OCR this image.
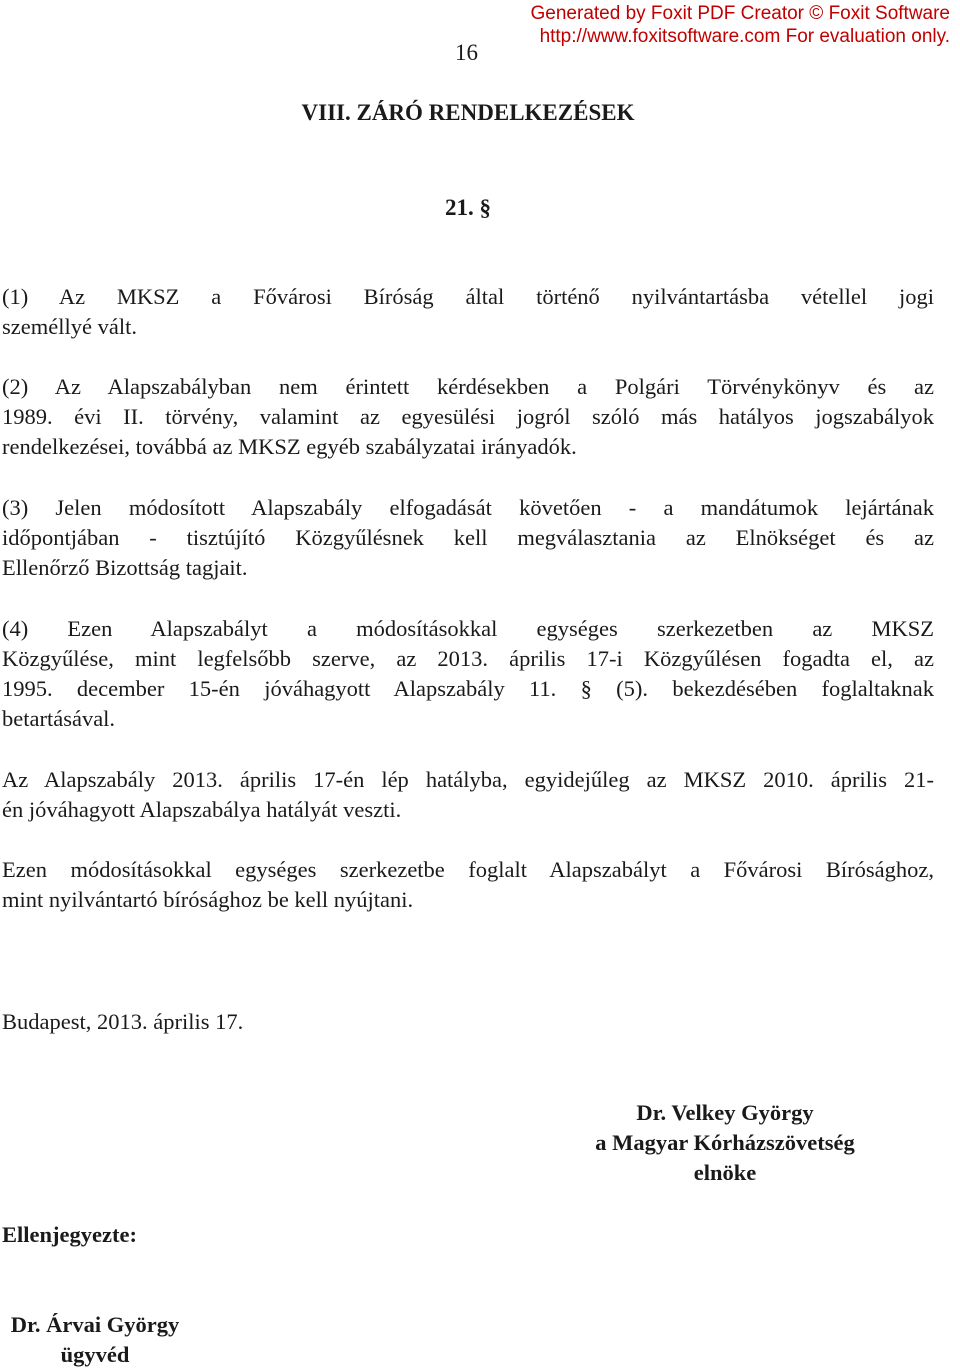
Generated by Foxit PDF Creator © Foxit Software
http://www.foxitsoftware.com For evaluation only.
16
VIII. ZÁRÓ RENDELKEZÉSEK
21. §
(1) Az MKSZ a Fővárosi Bíróság által történő nyilvántartásba vétellel jogi
személlyé vált.
(2) Az Alapszabályban nem érintett kérdésekben a Polgári Törvénykönyv és az
1989. évi II. törvény, valamint az egyesülési jogról szóló más hatályos jogszabályok
rendelkezései, továbbá az MKSZ egyéb szabályzatai irányadók.
(3) Jelen módosított Alapszabály elfogadását követően - a mandátumok lejártának
időpontjában - tisztújító Közgyűlésnek kell megválasztania az Elnökséget és az
Ellenőrző Bizottság tagjait.
(4) Ezen Alapszabályt a módosításokkal egységes szerkezetben az MKSZ
Közgyűlése, mint legfelsőbb szerve, az 2013. április 17-i Közgyűlésen fogadta el, az
1995. december 15-én jóváhagyott Alapszabály 11. § (5). bekezdésében foglaltaknak
betartásával.
Az Alapszabály 2013. április 17-én lép hatályba, egyidejűleg az MKSZ 2010. április 21-
én jóváhagyott Alapszabálya hatályát veszti.
Ezen módosításokkal egységes szerkezetbe foglalt Alapszabályt a Fővárosi Bírósághoz,
mint nyilvántartó bírósághoz be kell nyújtani.
Budapest, 2013. április 17.
Dr. Velkey György
a Magyar Kórházszövetség
elnöke
Ellenjegyezte:
Dr. Árvai György
ügyvéd
